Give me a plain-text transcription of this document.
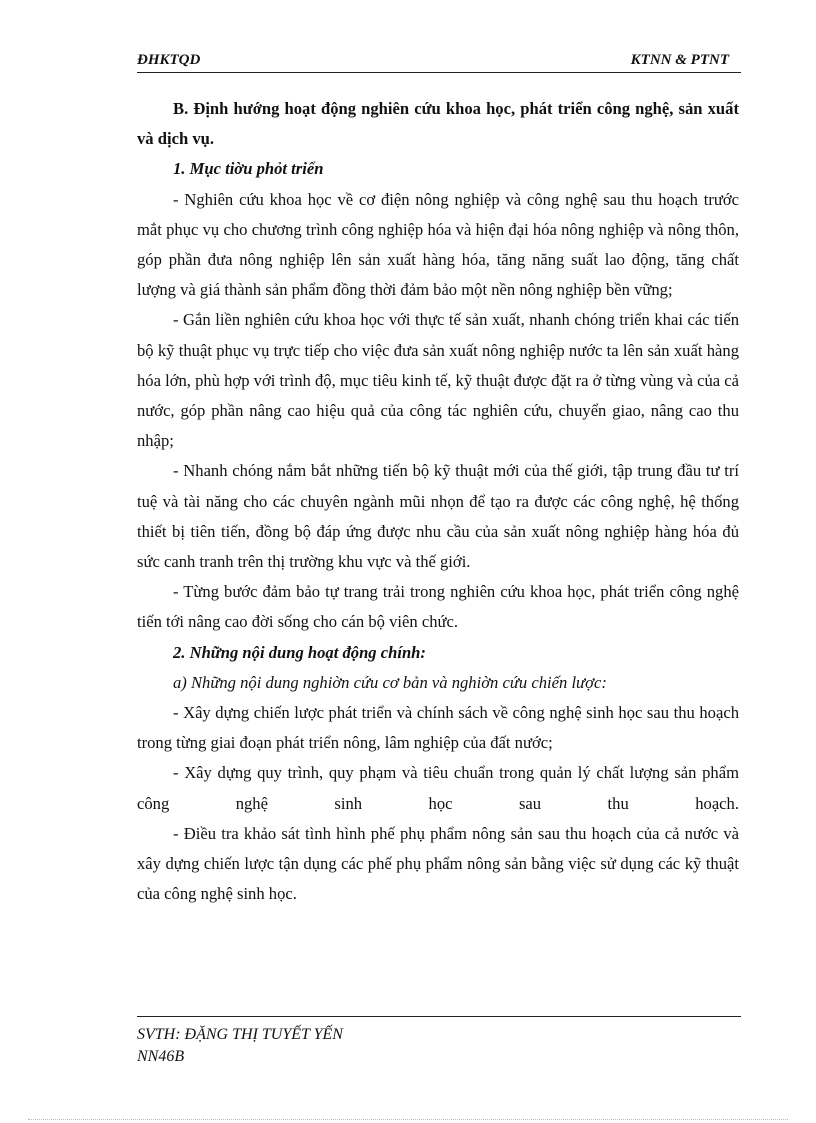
ĐHKTQD	KTNN & PTNT

B. Định hướng hoạt động nghiên cứu khoa học, phát triển công nghệ, sản xuất và dịch vụ.

1. Mục tiờu phỏt triển

- Nghiên cứu khoa học về cơ điện nông nghiệp và công nghệ sau thu hoạch trước mắt phục vụ cho chương trình công nghiệp hóa và hiện đại hóa nông nghiệp và nông thôn, góp phần đưa nông nghiệp lên sản xuất hàng hóa, tăng năng suất lao động, tăng chất lượng và giá thành sản phẩm đồng thời đảm bảo một nền nông nghiệp bền vững;

- Gắn liền nghiên cứu khoa học với thực tế sản xuất, nhanh chóng triển khai các tiến bộ kỹ thuật phục vụ trực tiếp cho việc đưa sản xuất nông nghiệp nước ta lên sản xuất hàng hóa lớn, phù hợp với trình độ, mục tiêu kinh tế, kỹ thuật được đặt ra ở từng vùng và của cả nước, góp phần nâng cao hiệu quả của công tác nghiên cứu, chuyển giao, nâng cao thu nhập;

- Nhanh chóng nắm bắt những tiến bộ kỹ thuật mới của thế giới, tập trung đầu tư trí tuệ và tài năng cho các chuyên ngành mũi nhọn để tạo ra được các công nghệ, hệ thống thiết bị tiên tiến, đồng bộ đáp ứng được nhu cầu của sản xuất nông nghiệp hàng hóa đủ sức canh tranh trên thị trường khu vực và thế giới.

- Từng bước đảm bảo tự trang trải trong nghiên cứu khoa học, phát triển công nghệ tiến tới nâng cao đời sống cho cán bộ viên chức.

2. Những nội dung hoạt động chính:

a) Những nội dung nghiờn cứu cơ bản và nghiờn cứu chiến lược:

- Xây dựng chiến lược phát triển và chính sách về công nghệ sinh học sau thu hoạch trong từng giai đoạn phát triển nông, lâm nghiệp của đất nước;

- Xây dựng quy trình, quy phạm và tiêu chuẩn trong quản lý chất lượng sản phẩm công nghệ sinh học sau thu hoạch.

- Điều tra khảo sát tình hình phế phụ phẩm nông sản sau thu hoạch của cả nước và xây dựng chiến lược tận dụng các phế phụ phẩm nông sản bằng việc sử dụng các kỹ thuật của công nghệ sinh học.

SVTH: ĐẶNG THỊ TUYẾT YẾN
NN46B
